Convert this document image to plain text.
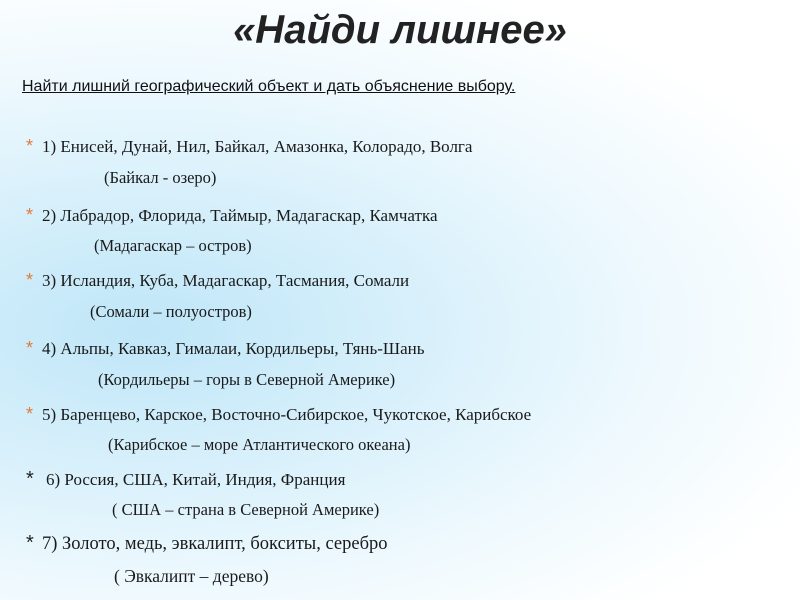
«Найди лишнее»
Найти лишний географический объект и дать объяснение выбору.
* 1) Енисей, Дунай, Нил, Байкал, Амазонка, Колорадо, Волга
(Байкал - озеро)
* 2) Лабрадор, Флорида, Таймыр, Мадагаскар, Камчатка
(Мадагаскар – остров)
* 3) Исландия, Куба, Мадагаскар, Тасмания, Сомали
(Сомали – полуостров)
* 4) Альпы, Кавказ, Гималаи, Кордильеры, Тянь-Шань
(Кордильеры – горы в Северной Америке)
* 5) Баренцево, Карское, Восточно-Сибирское, Чукотское, Карибское
(Карибское – море Атлантического океана)
* 6) Россия, США, Китай, Индия, Франция
( США – страна в Северной Америке)
* 7) Золото, медь, эвкалипт, бокситы, серебро
( Эвкалипт – дерево)
